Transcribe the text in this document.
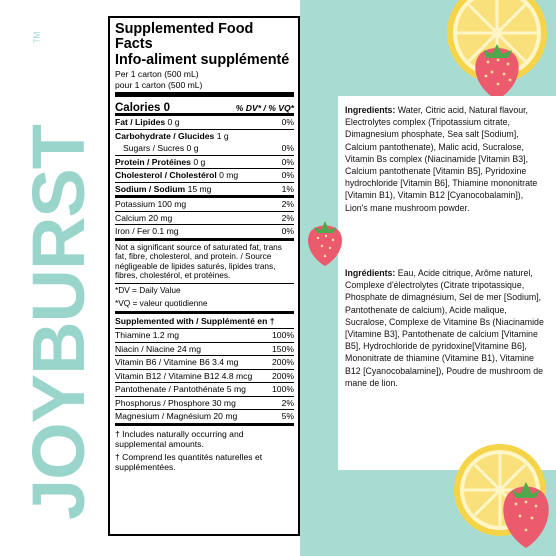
JOYBURST
TM
Supplemented Food Facts
Info-aliment supplémenté
Per 1 carton (500 mL)
pour 1 carton (500 mL)
Calories 0	% DV* / % VQ*
Fat / Lipides 0 g	0%
Carbohydrate / Glucides 1 g
Sugars / Sucres 0 g	0%
Protein / Protéines 0 g	0%
Cholesterol / Cholestérol 0 mg	0%
Sodium / Sodium 15 mg	1%
Potassium 100 mg	2%
Calcium 20 mg	2%
Iron / Fer 0.1 mg	0%
Not a significant source of saturated fat, trans fat, fibre, cholesterol, and protein. / Source négligeable de lipides saturés, lipides trans, fibres, cholestérol, et protéines.
*DV = Daily Value
*VQ = valeur quotidienne
Supplemented with / Supplémenté en †
Thiamine 1.2 mg	100%
Niacin / Niacine 24 mg	150%
Vitamin B6 / Vitamine B6 3.4 mg	200%
Vitamin B12 / Vitamine B12 4.8 mcg 200%
Pantothenate / Pantothénate 5 mg	100%
Phosphorus / Phosphore 30 mg	2%
Magnesium / Magnésium 20 mg	5%
† Includes naturally occurring and supplemental amounts.
† Comprend les quantités naturelles et supplémentées.
Ingredients: Water, Citric acid, Natural flavour, Electrolytes complex (Tripotassium citrate, Dimagnesium phosphate, Sea salt [Sodium], Calcium pantothenate), Malic acid, Sucralose, Vitamin Bs complex (Niacinamide [Vitamin B3], Calcium pantothenate [Vitamin B5], Pyridoxine hydrochloride [Vitamin B6], Thiamine mononitrate [Vitamin B1), Vitamin B12 [Cyanocobalamin]), Lion's mane mushroom powder.
Ingrédients: Eau, Acide citrique, Arôme naturel, Complexe d'électrolytes (Citrate tripotassique, Phosphate de dimagnésium, Sel de mer [Sodium], Pantothenate de calcium), Acide malique, Sucralose, Complexe de Vitamine Bs (Niacinamide [Vitamine B3], Pantothenate de calcium [Vitamine B5], Hydrochloride de pyridoxine[Vitamine B6], Mononitrate de thiamine (Vitamine B1), Vitamine B12 [Cyanocobalamine]), Poudre de mushroom de mane de lion.
